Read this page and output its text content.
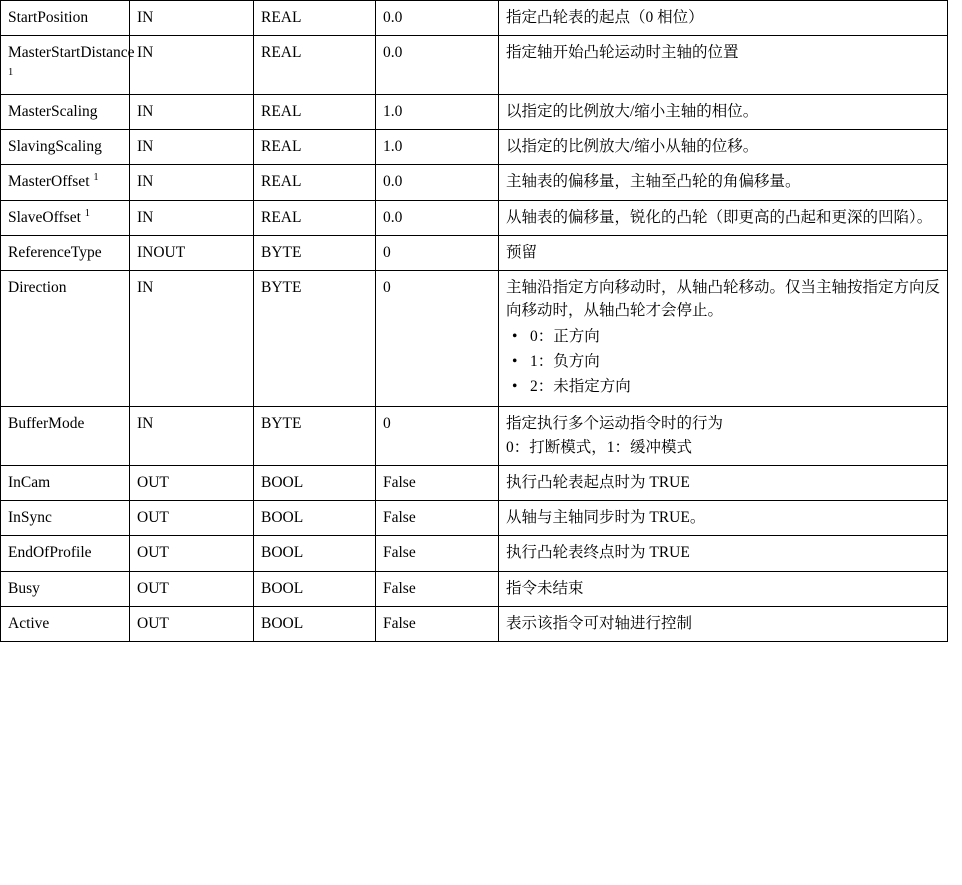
StartPosition	IN	REAL	0.0	指定凸轮表的起点（0 相位）

MasterStartDistance $^1$	IN	REAL	0.0	指定轴开始凸轮运动时主轴的位置

MasterScaling	IN	REAL	1.0	以指定的比例放大/缩小主轴的相位。

SlavingScaling	IN	REAL	1.0	以指定的比例放大/缩小从轴的位移。

MasterOffset $^1$	IN	REAL	0.0	主轴表的偏移量，主轴至凸轮的角偏移量。

SlaveOffset $^1$	IN	REAL	0.0	从轴表的偏移量，锐化的凸轮（即更高的凸起和更深的凹陷）。

ReferenceType	INOUT	BYTE	0	预留

Direction	IN	BYTE	0	主轴沿指定方向移动时，从轴凸轮移动。仅当主轴按指定方向反向移动时，从轴凸轮才会停止。
• 0：正方向
• 1：负方向
• 2：未指定方向

BufferMode	IN	BYTE	0	指定执行多个运动指令时的行为
0：打断模式，1：缓冲模式

InCam	OUT	BOOL	False	执行凸轮表起点时为 TRUE

InSync	OUT	BOOL	False	从轴与主轴同步时为 TRUE。

EndOfProfile	OUT	BOOL	False	执行凸轮表终点时为 TRUE

Busy	OUT	BOOL	False	指令未结束

Active	OUT	BOOL	False	表示该指令可对轴进行控制
